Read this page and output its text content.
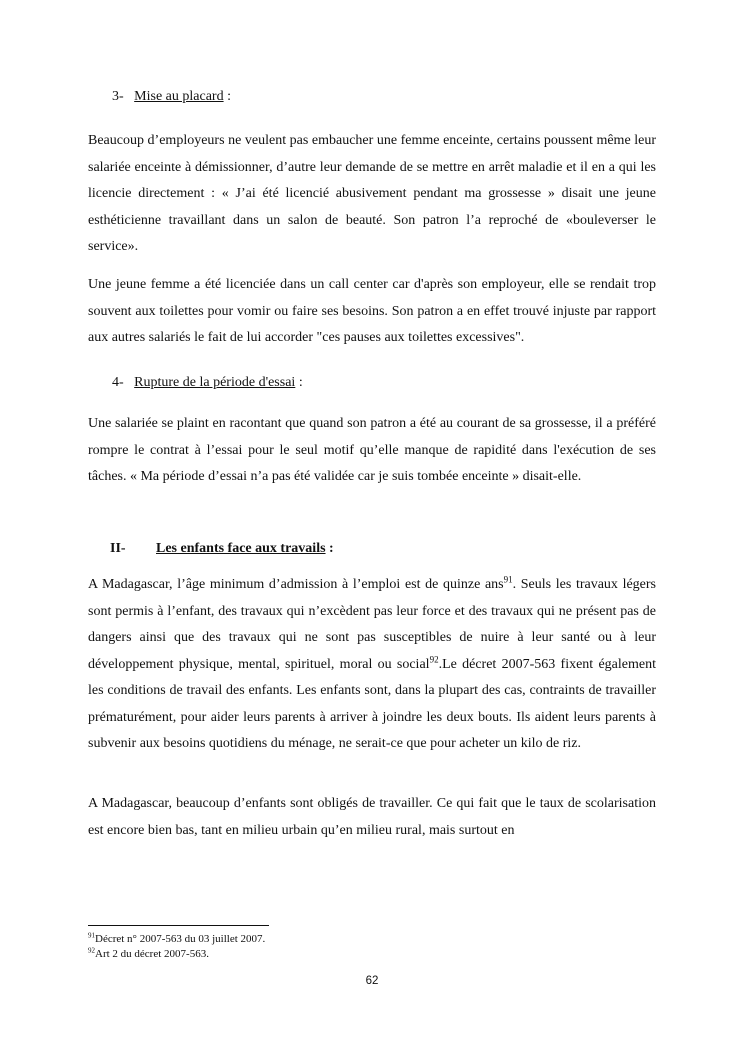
3- Mise au placard :

Beaucoup d’employeurs ne veulent pas embaucher une femme enceinte, certains poussent même leur salariée enceinte à démissionner, d’autre leur demande de se mettre en arrêt maladie et il en a qui les licencie directement : « J’ai été licencié abusivement pendant ma grossesse » disait une jeune esthéticienne travaillant dans un salon de beauté. Son patron l’a reproché de «bouleverser le service».

Une jeune femme a été licenciée dans un call center car d'après son employeur, elle se rendait trop souvent aux toilettes pour vomir ou faire ses besoins. Son patron a en effet trouvé injuste par rapport aux autres salariés le fait de lui accorder "ces pauses aux toilettes excessives".

4- Rupture de la période d'essai :

Une salariée se plaint en racontant que quand son patron a été au courant de sa grossesse, il a préféré rompre le contrat à l’essai pour le seul motif qu’elle manque de rapidité dans l'exécution de ses tâches. « Ma période d’essai n’a pas été validée car je suis tombée enceinte » disait-elle.

II- Les enfants face aux travails :

A Madagascar, l’âge minimum d’admission à l’emploi est de quinze ans$^{91}$. Seuls les travaux légers sont permis à l’enfant, des travaux qui n’excèdent pas leur force et des travaux qui ne présent pas de dangers ainsi que des travaux qui ne sont pas susceptibles de nuire à leur santé ou à leur développement physique, mental, spirituel, moral ou social$^{92}$.Le décret 2007-563 fixent également les conditions de travail des enfants. Les enfants sont, dans la plupart des cas, contraints de travailler prématurément, pour aider leurs parents à arriver à joindre les deux bouts. Ils aident leurs parents à subvenir aux besoins quotidiens du ménage, ne serait-ce que pour acheter un kilo de riz.

A Madagascar, beaucoup d’enfants sont obligés de travailler. Ce qui fait que le taux de scolarisation est encore bien bas, tant en milieu urbain qu’en milieu rural, mais surtout en

$^{91}$Décret n° 2007-563 du 03 juillet 2007.

$^{92}$Art 2 du décret 2007-563.

62
